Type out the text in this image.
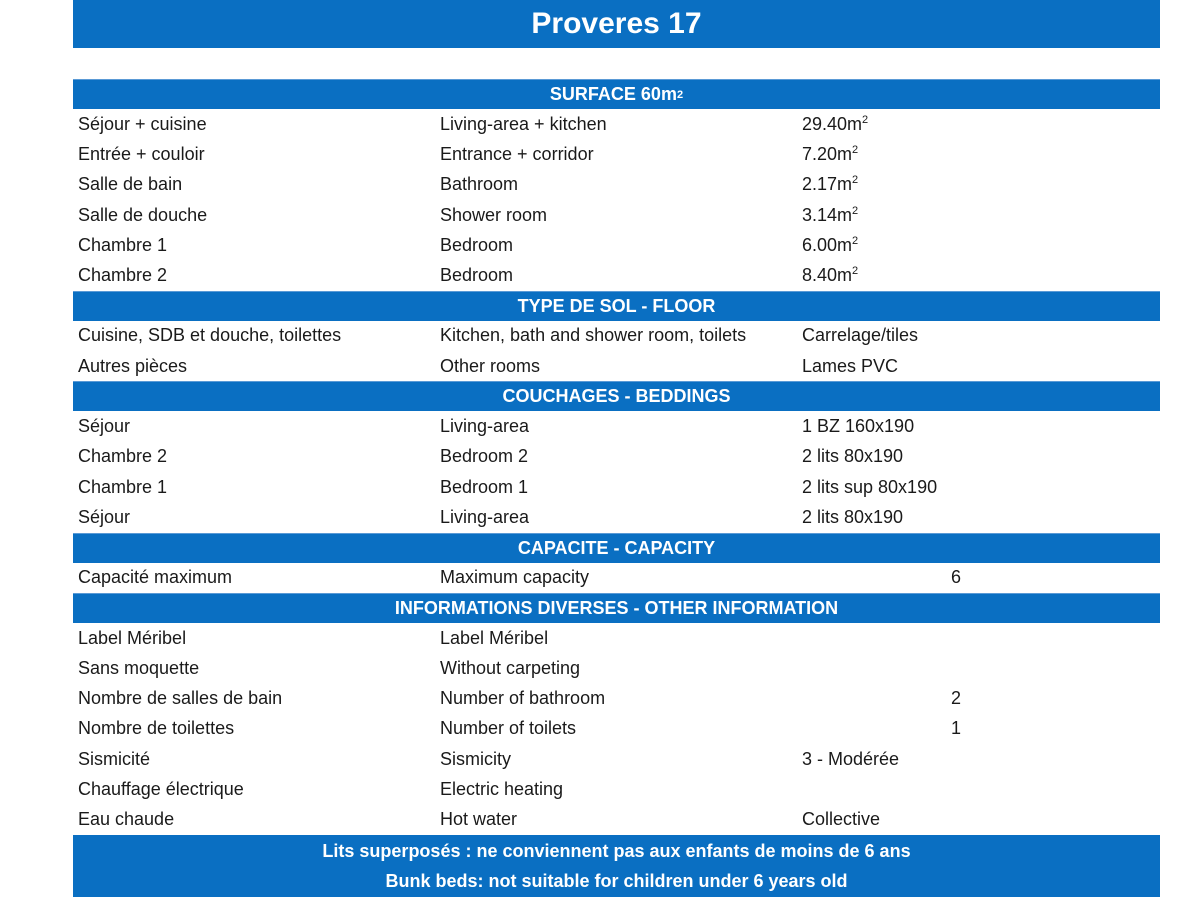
Proveres 17
SURFACE 60m 2
Séjour + cuisine	Living-area + kitchen	$29.40m^2$
Entrée + couloir	Entrance + corridor	$7.20m^2$
Salle de bain	Bathroom	$2.17m^2$
Salle de douche	Shower room	$3.14m^2$
Chambre 1	Bedroom	$6.00m^2$
Chambre 2	Bedroom	$8.40m^2$
TYPE DE SOL - FLOOR
Cuisine, SDB et douche, toilettes	Kitchen, bath and shower room, toilets	Carrelage/tiles
Autres pièces	Other rooms	Lames PVC
COUCHAGES - BEDDINGS
Séjour	Living-area	1 BZ 160x190
Chambre 2	Bedroom 2	2 lits 80x190
Chambre 1	Bedroom 1	2 lits sup 80x190
Séjour	Living-area	2 lits 80x190
CAPACITE - CAPACITY
Capacité maximum	Maximum capacity	6
INFORMATIONS DIVERSES - OTHER INFORMATION
Label Méribel	Label Méribel
Sans moquette	Without carpeting
Nombre de salles de bain	Number of bathroom	2
Nombre de toilettes	Number of toilets	1
Sismicité	Sismicity	3 - Modérée
Chauffage électrique	Electric heating
Eau chaude	Hot water	Collective
Lits superposés : ne conviennent pas aux enfants de moins de 6 ans
Bunk beds: not suitable for children under 6 years old
